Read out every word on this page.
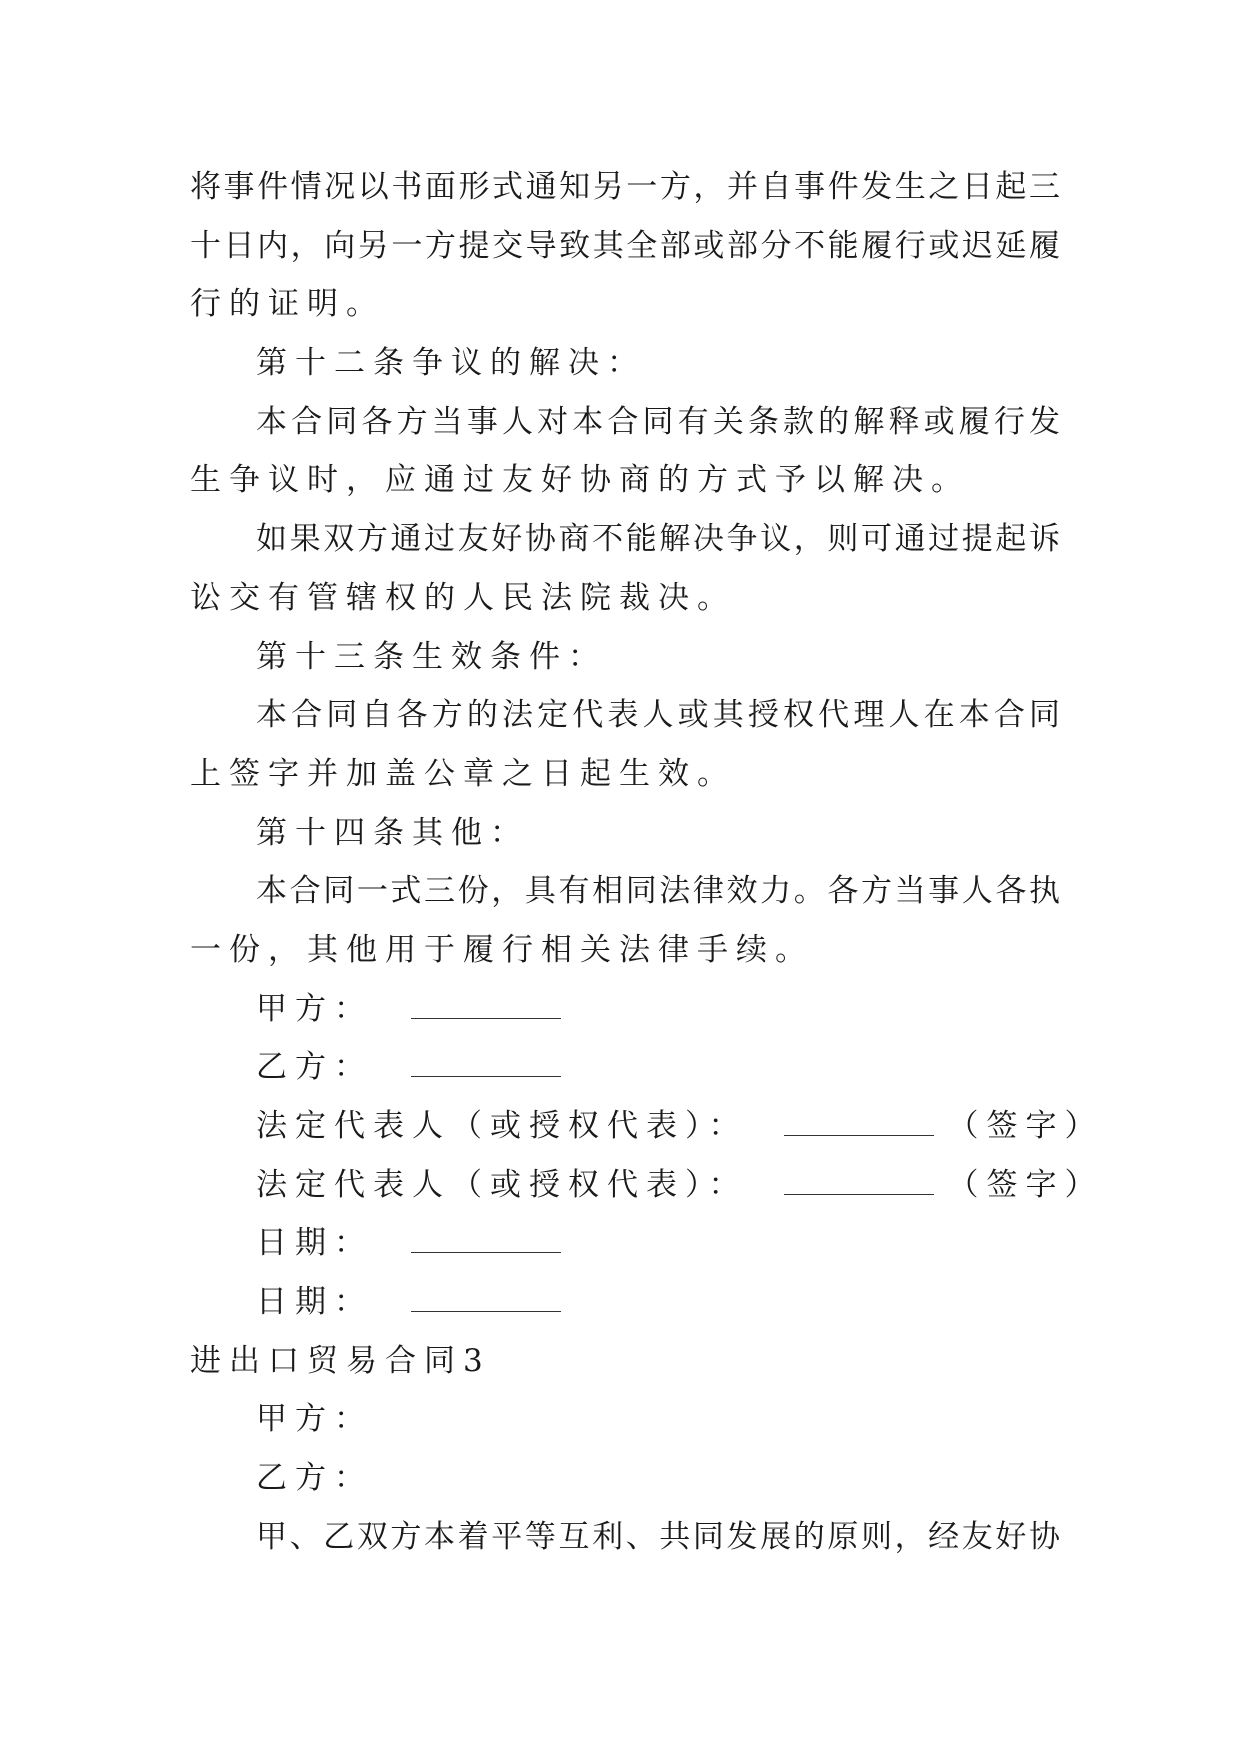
将事件情况以书面形式通知另一方，并自事件发生之日起三
十日内，向另一方提交导致其全部或部分不能履行或迟延履
行的证明。
第十二条争议的解决：
本合同各方当事人对本合同有关条款的解释或履行发
生争议时，应通过友好协商的方式予以解决。
如果双方通过友好协商不能解决争议，则可通过提起诉
讼交有管辖权的人民法院裁决。
第十三条生效条件：
本合同自各方的法定代表人或其授权代理人在本合同
上签字并加盖公章之日起生效。
第十四条其他：
本合同一式三份，具有相同法律效力。各方当事人各执
一份，其他用于履行相关法律手续。
甲方：
乙方：
法定代表人（或授权代表）：	（签字）
法定代表人（或授权代表）：	（签字）
日期：
日期：
进出口贸易合同3
甲方：
乙方：
甲、乙双方本着平等互利、共同发展的原则，经友好协
